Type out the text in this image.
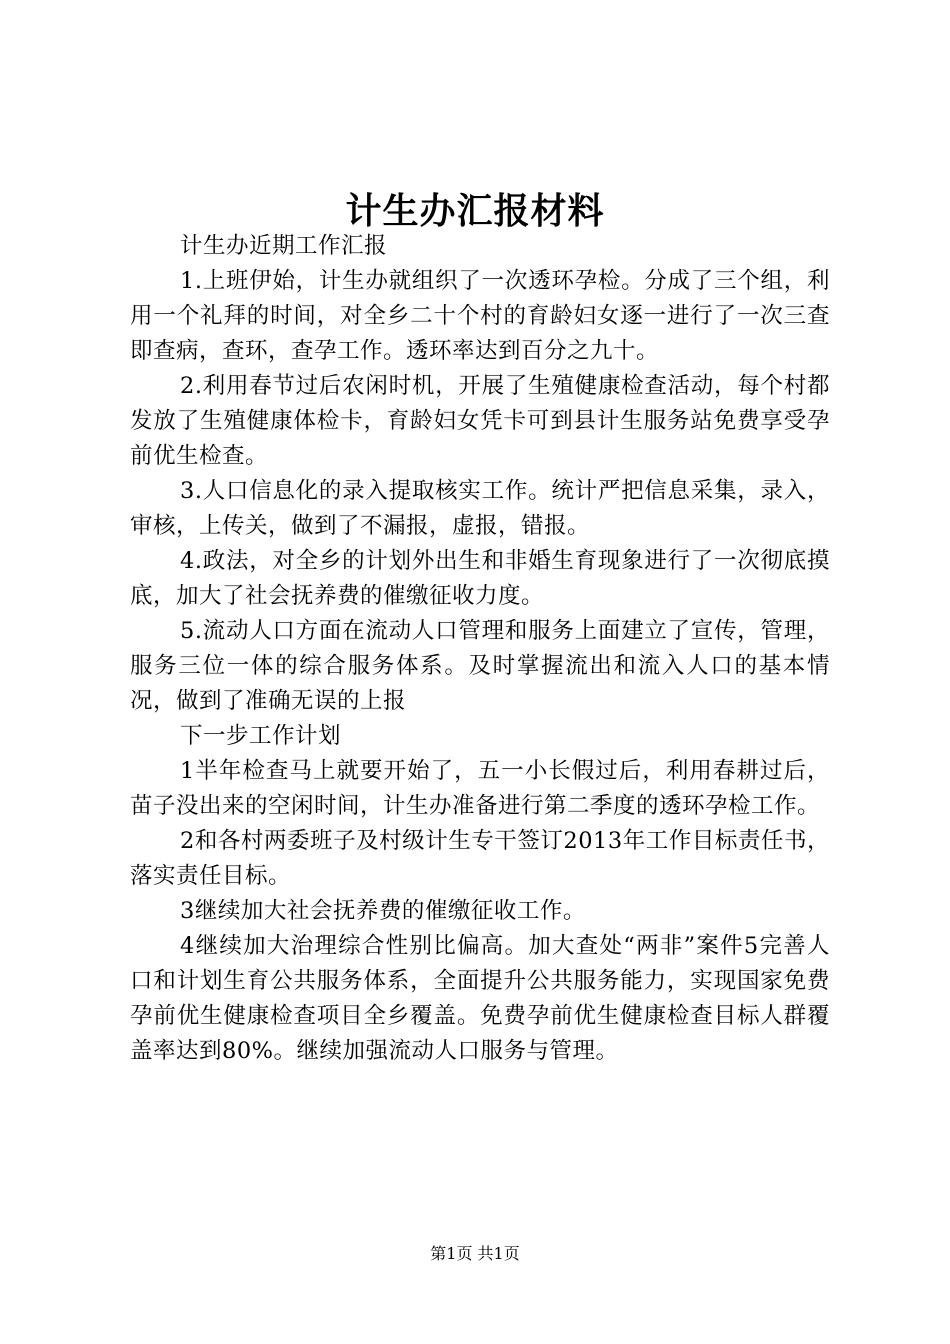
计生办汇报材料

计生办近期工作汇报

1.上班伊始，计生办就组织了一次透环孕检。分成了三个组，利用一个礼拜的时间，对全乡二十个村的育龄妇女逐一进行了一次三查即查病，查环，查孕工作。透环率达到百分之九十。

2.利用春节过后农闲时机，开展了生殖健康检查活动，每个村都发放了生殖健康体检卡，育龄妇女凭卡可到县计生服务站免费享受孕前优生检查。

3.人口信息化的录入提取核实工作。统计严把信息采集，录入，审核，上传关，做到了不漏报，虚报，错报。

4.政法，对全乡的计划外出生和非婚生育现象进行了一次彻底摸底，加大了社会抚养费的催缴征收力度。

5.流动人口方面在流动人口管理和服务上面建立了宣传，管理，服务三位一体的综合服务体系。及时掌握流出和流入人口的基本情况，做到了准确无误的上报

下一步工作计划

1半年检查马上就要开始了，五一小长假过后，利用春耕过后，苗子没出来的空闲时间，计生办准备进行第二季度的透环孕检工作。

2和各村两委班子及村级计生专干签订2013年工作目标责任书，落实责任目标。

3继续加大社会抚养费的催缴征收工作。

4继续加大治理综合性别比偏高。加大查处“两非”案件5完善人口和计划生育公共服务体系，全面提升公共服务能力，实现国家免费孕前优生健康检查项目全乡覆盖。免费孕前优生健康检查目标人群覆盖率达到80%。继续加强流动人口服务与管理。

第1页 共1页
